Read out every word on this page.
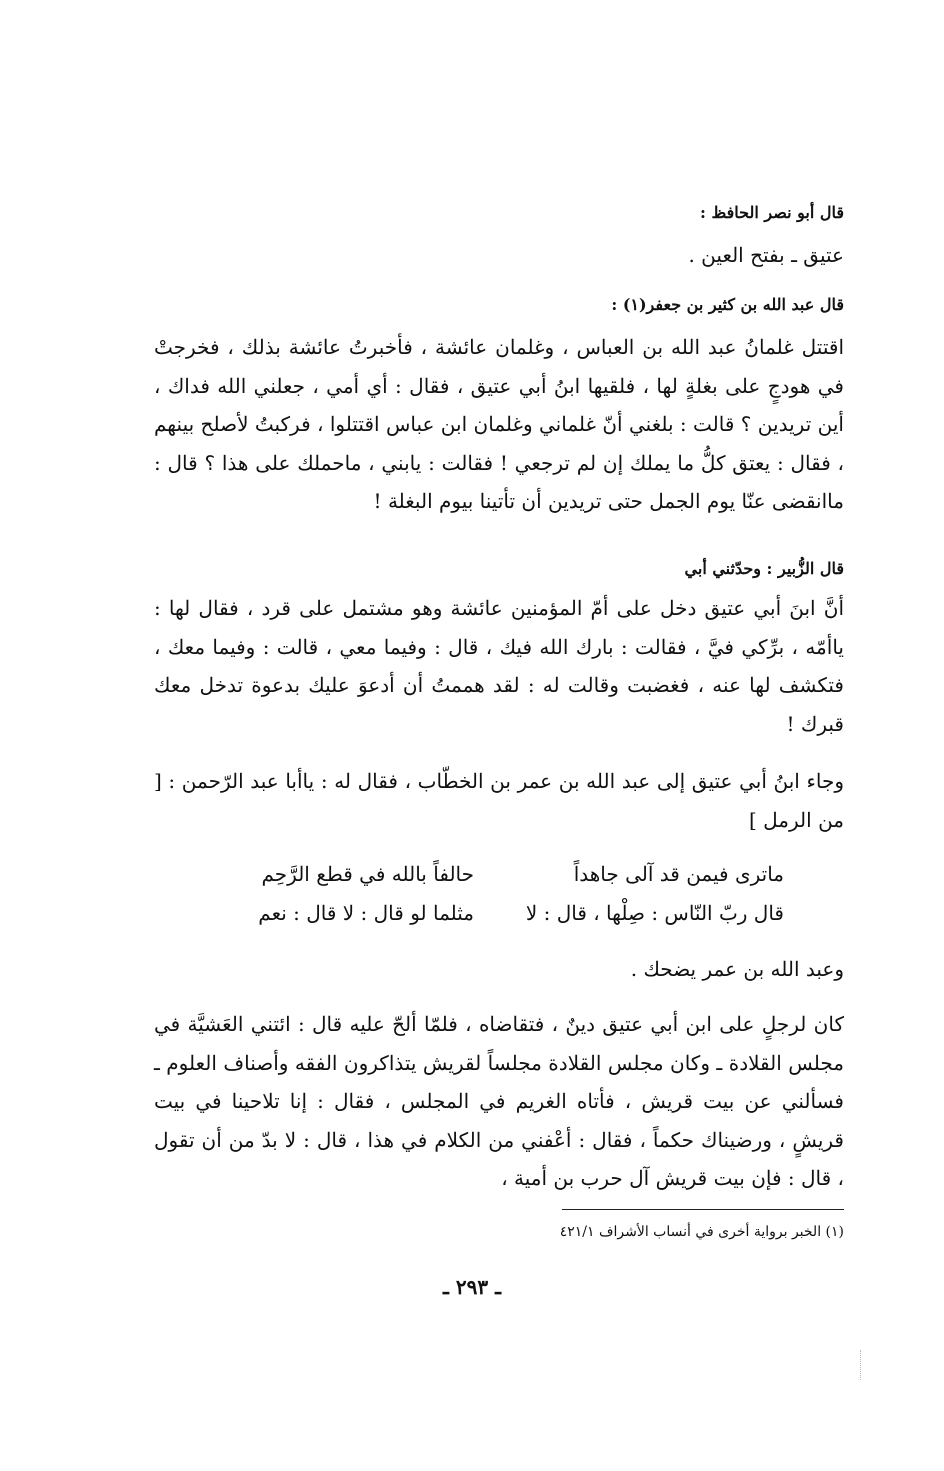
قال أبو نصر الحافظ :
عتيق ـ بفتح العين .
قال عبد الله بن كثير بن جعفر(١) :
اقتتل غلمانُ عبد الله بن العباس ، وغلمان عائشة ، فأخبرتُ عائشة بذلك ، فخرجتْ في هودجٍ على بغلةٍ لها ، فلقيها ابنُ أبي عتيق ، فقال : أي أمي ، جعلني الله فداك ، أين تريدين ؟ قالت : بلغني أنّ غلماني وغلمان ابن عباس اقتتلوا ، فركبتُ لأصلح بينهم ، فقال : يعتق كلُّ ما يملك إن لم ترجعي ! فقالت : يابني ، ماحملك على هذا ؟ قال : ماانقضى عنّا يوم الجمل حتى تريدين أن تأتينا بيوم البغلة !
قال الزُّبير : وحدّثني أبي
أنَّ ابنَ أبي عتيق دخل على أمّ المؤمنين عائشة وهو مشتمل على قرد ، فقال لها : ياأمّه ، برِّكي فيَّ ، فقالت : بارك الله فيك ، قال : وفيما معي ، قالت : وفيما معك ، فتكشف لها عنه ، فغضبت وقالت له : لقد هممتُ أن أدعوَ عليك بدعوة تدخل معك قبرك !
وجاء ابنُ أبي عتيق إلى عبد الله بن عمر بن الخطّاب ، فقال له : ياأبا عبد الرّحمن : [ من الرمل ]
ماترى فيمن قد آلى جاهداً
حالفاً بالله في قطع الرَّحِم
قال ربّ النّاس : صِلْها ، قال : لا
مثلما لو قال : لا قال : نعم
وعبد الله بن عمر يضحك .
كان لرجلٍ على ابن أبي عتيق دينٌ ، فتقاضاه ، فلمّا ألحّ عليه قال : ائتني العَشيَّة في مجلس القلادة ـ وكان مجلس القلادة مجلساً لقريش يتذاكرون الفقه وأصناف العلوم ـ فسألني عن بيت قريش ، فأتاه الغريم في المجلس ، فقال : إنا تلاحينا في بيت قريشٍ ، ورضيناك حكماً ، فقال : أعْفني من الكلام في هذا ، قال : لا بدّ من أن تقول ، قال : فإن بيت قريش آل حرب بن أمية ،
(١) الخبر برواية أخرى في أنساب الأشراف ٤٢١/١
ـ ٢٩٣ ـ
